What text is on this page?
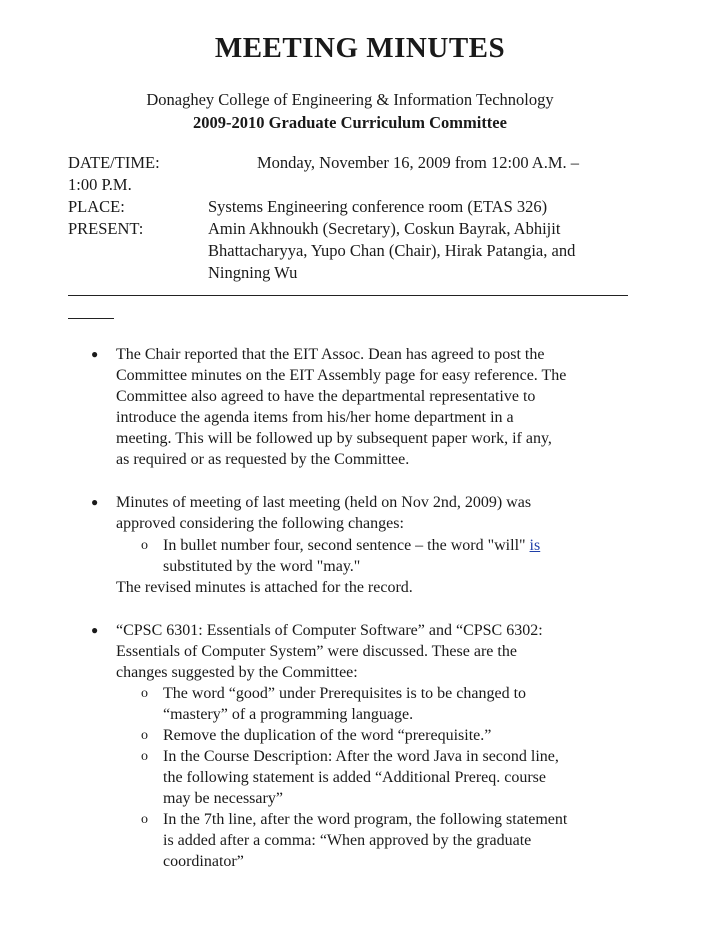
MEETING MINUTES
Donaghey College of Engineering & Information Technology
2009-2010 Graduate Curriculum Committee
DATE/TIME:	Monday, November 16, 2009 from 12:00 A.M. –
1:00 P.M.
PLACE:	Systems Engineering conference room (ETAS 326)
PRESENT:	Amin Akhnoukh (Secretary), Coskun Bayrak, Abhijit
Bhattacharyya, Yupo Chan (Chair), Hirak Patangia, and
Ningning Wu
● The Chair reported that the EIT Assoc. Dean has agreed to post the
Committee minutes on the EIT Assembly page for easy reference. The
Committee also agreed to have the departmental representative to
introduce the agenda items from his/her home department in a
meeting. This will be followed up by subsequent paper work, if any,
as required or as requested by the Committee.
● Minutes of meeting of last meeting (held on Nov 2nd, 2009) was
approved considering the following changes:
o In bullet number four, second sentence – the word "will" is
substituted by the word "may."
The revised minutes is attached for the record.
● “CPSC 6301: Essentials of Computer Software” and “CPSC 6302:
Essentials of Computer System” were discussed. These are the
changes suggested by the Committee:
o The word “good” under Prerequisites is to be changed to
“mastery” of a programming language.
o Remove the duplication of the word “prerequisite.”
o In the Course Description: After the word Java in second line,
the following statement is added “Additional Prereq. course
may be necessary”
o In the 7th line, after the word program, the following statement
is added after a comma: “When approved by the graduate
coordinator”
